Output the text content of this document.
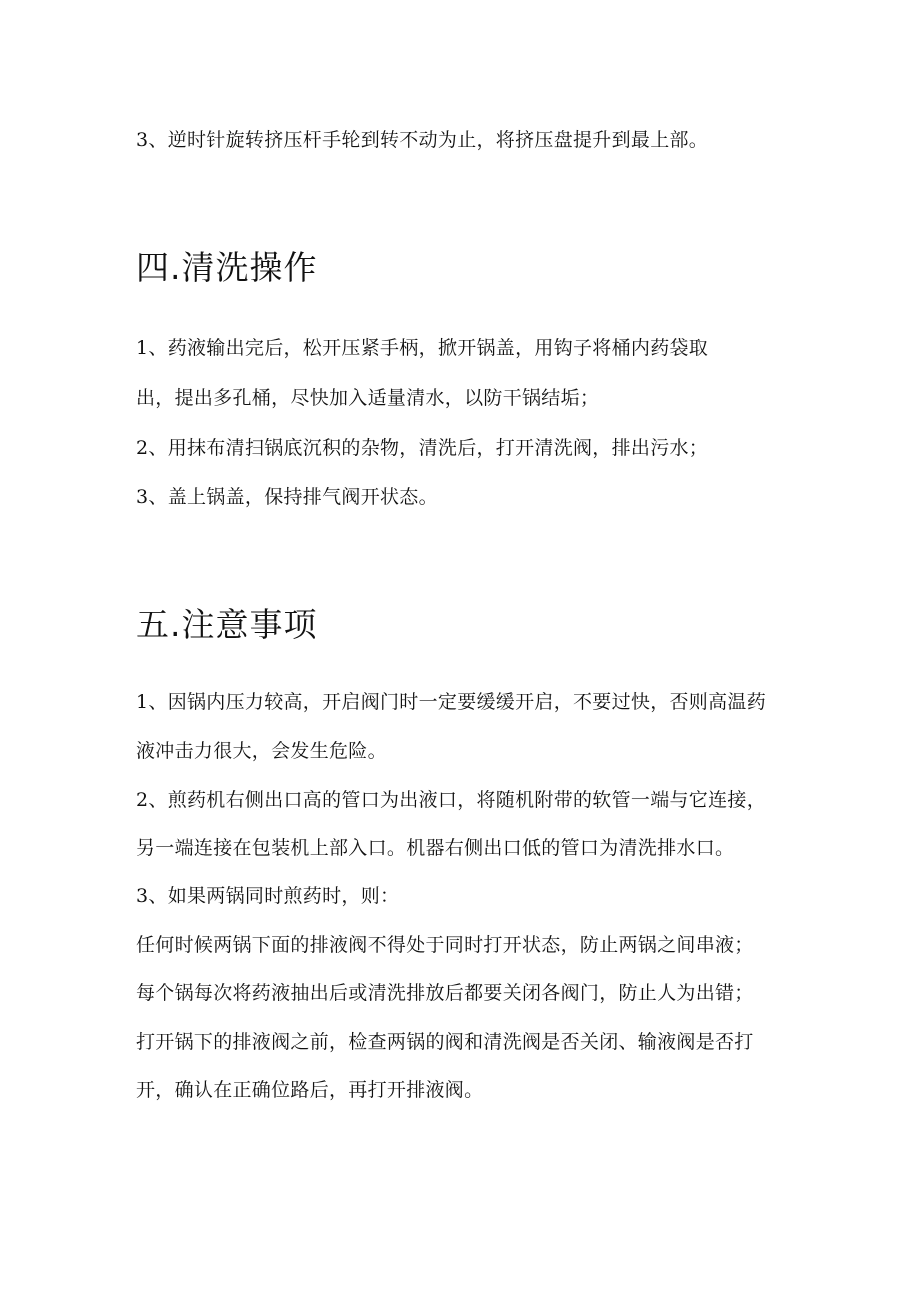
3、逆时针旋转挤压杆手轮到转不动为止，将挤压盘提升到最上部。
四.清洗操作
1、药液输出完后，松开压紧手柄，掀开锅盖，用钩子将桶内药袋取
出，提出多孔桶，尽快加入适量清水，以防干锅结垢；
2、用抹布清扫锅底沉积的杂物，清洗后，打开清洗阀，排出污水；
3、盖上锅盖，保持排气阀开状态。
五.注意事项
1、因锅内压力较高，开启阀门时一定要缓缓开启，不要过快，否则高温药
液冲击力很大，会发生危险。
2、煎药机右侧出口高的管口为出液口，将随机附带的软管一端与它连接，
另一端连接在包装机上部入口。机器右侧出口低的管口为清洗排水口。
3、如果两锅同时煎药时，则：
任何时候两锅下面的排液阀不得处于同时打开状态，防止两锅之间串液；
每个锅每次将药液抽出后或清洗排放后都要关闭各阀门，防止人为出错；
打开锅下的排液阀之前，检查两锅的阀和清洗阀是否关闭、输液阀是否打
开，确认在正确位路后，再打开排液阀。
